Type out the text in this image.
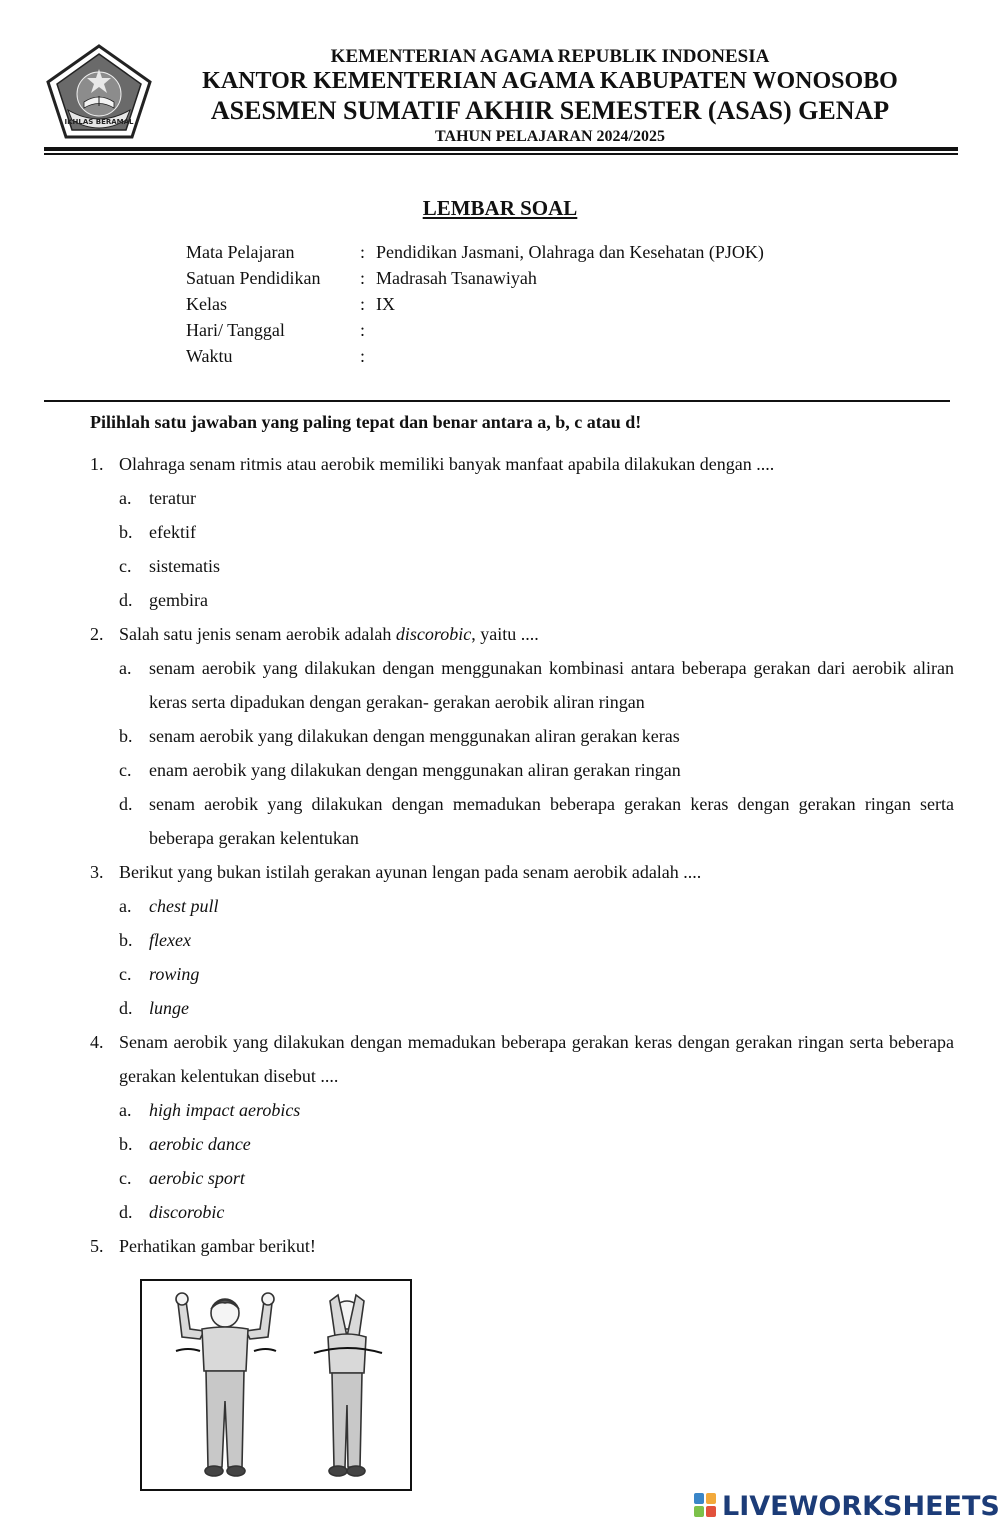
IKHLAS BERAMAL
KEMENTERIAN AGAMA REPUBLIK INDONESIA
KANTOR KEMENTERIAN AGAMA KABUPATEN WONOSOBO
ASESMEN SUMATIF AKHIR SEMESTER (ASAS) GENAP
TAHUN PELAJARAN 2024/2025
LEMBAR SOAL
Mata Pelajaran	: Pendidikan Jasmani, Olahraga dan Kesehatan (PJOK)
Satuan Pendidikan	: Madrasah Tsanawiyah
Kelas	: IX
Hari/ Tanggal	:
Waktu	:
Pilihlah satu jawaban yang paling tepat dan benar antara a, b, c atau d!
1. Olahraga senam ritmis atau aerobik memiliki banyak manfaat apabila dilakukan dengan ....
a. teratur
b. efektif
c. sistematis
d. gembira
2. Salah satu jenis senam aerobik adalah discorobic, yaitu ....
a. senam aerobik yang dilakukan dengan menggunakan kombinasi antara beberapa gerakan dari aerobik aliran keras serta dipadukan dengan gerakan- gerakan aerobik aliran ringan
b. senam aerobik yang dilakukan dengan menggunakan aliran gerakan keras
c. enam aerobik yang dilakukan dengan menggunakan aliran gerakan ringan
d. senam aerobik yang dilakukan dengan memadukan beberapa gerakan keras dengan gerakan ringan serta beberapa gerakan kelentukan
3. Berikut yang bukan istilah gerakan ayunan lengan pada senam aerobik adalah ....
a. chest pull
b. flexex
c. rowing
d. lunge
4. Senam aerobik yang dilakukan dengan memadukan beberapa gerakan keras dengan gerakan ringan serta beberapa gerakan kelentukan disebut ....
a. high impact aerobics
b. aerobic dance
c. aerobic sport
d. discorobic
5. Perhatikan gambar berikut!
LIVEWORKSHEETS
